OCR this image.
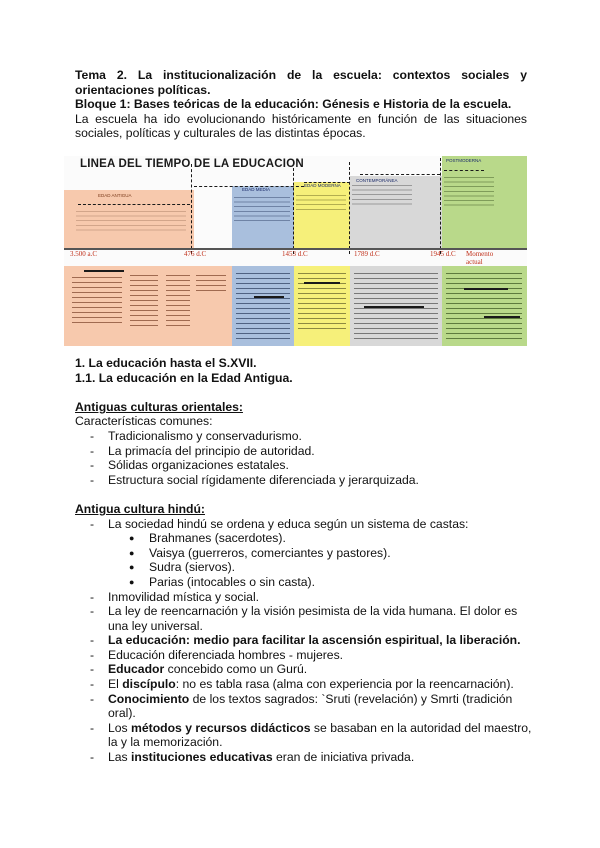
Tema 2. La institucionalización de la escuela: contextos sociales y orientaciones políticas.
Bloque 1: Bases teóricas de la educación: Génesis e Historia de la escuela.
La escuela ha ido evolucionando históricamente en función de las situaciones sociales, políticas y culturales de las distintas épocas.
LINEA DEL TIEMPO DE LA EDUCACION
EDAD ANTIGUA
EDAD MEDIA
EDAD MODERNA
CONTEMPORÁNEA
POSTMODERNA
3.500 a.C	476 d.C	1453 d.C	1789 d.C	1945 d.C Momento actual
1. La educación hasta el S.XVII.
1.1. La educación en la Edad Antigua.
Antiguas culturas orientales:
Características comunes:
- Tradicionalismo y conservadurismo.
- La primacía del principio de autoridad.
- Sólidas organizaciones estatales.
- Estructura social rígidamente diferenciada y jerarquizada.
Antigua cultura hindú:
- La sociedad hindú se ordena y educa según un sistema de castas:
● Brahmanes (sacerdotes).
● Vaisya (guerreros, comerciantes y pastores).
● Sudra (siervos).
● Parias (intocables o sin casta).
- Inmovilidad mística y social.
- La ley de reencarnación y la visión pesimista de la vida humana. El dolor es una ley universal.
- La educación: medio para facilitar la ascensión espiritual, la liberación.
- Educación diferenciada hombres - mujeres.
- Educador concebido como un Gurú.
- El discípulo: no es tabla rasa (alma con experiencia por la reencarnación).
- Conocimiento de los textos sagrados: `Sruti (revelación) y Smrti (tradición oral).
- Los métodos y recursos didácticos se basaban en la autoridad del maestro, la y la memorización.
- Las instituciones educativas eran de iniciativa privada.
